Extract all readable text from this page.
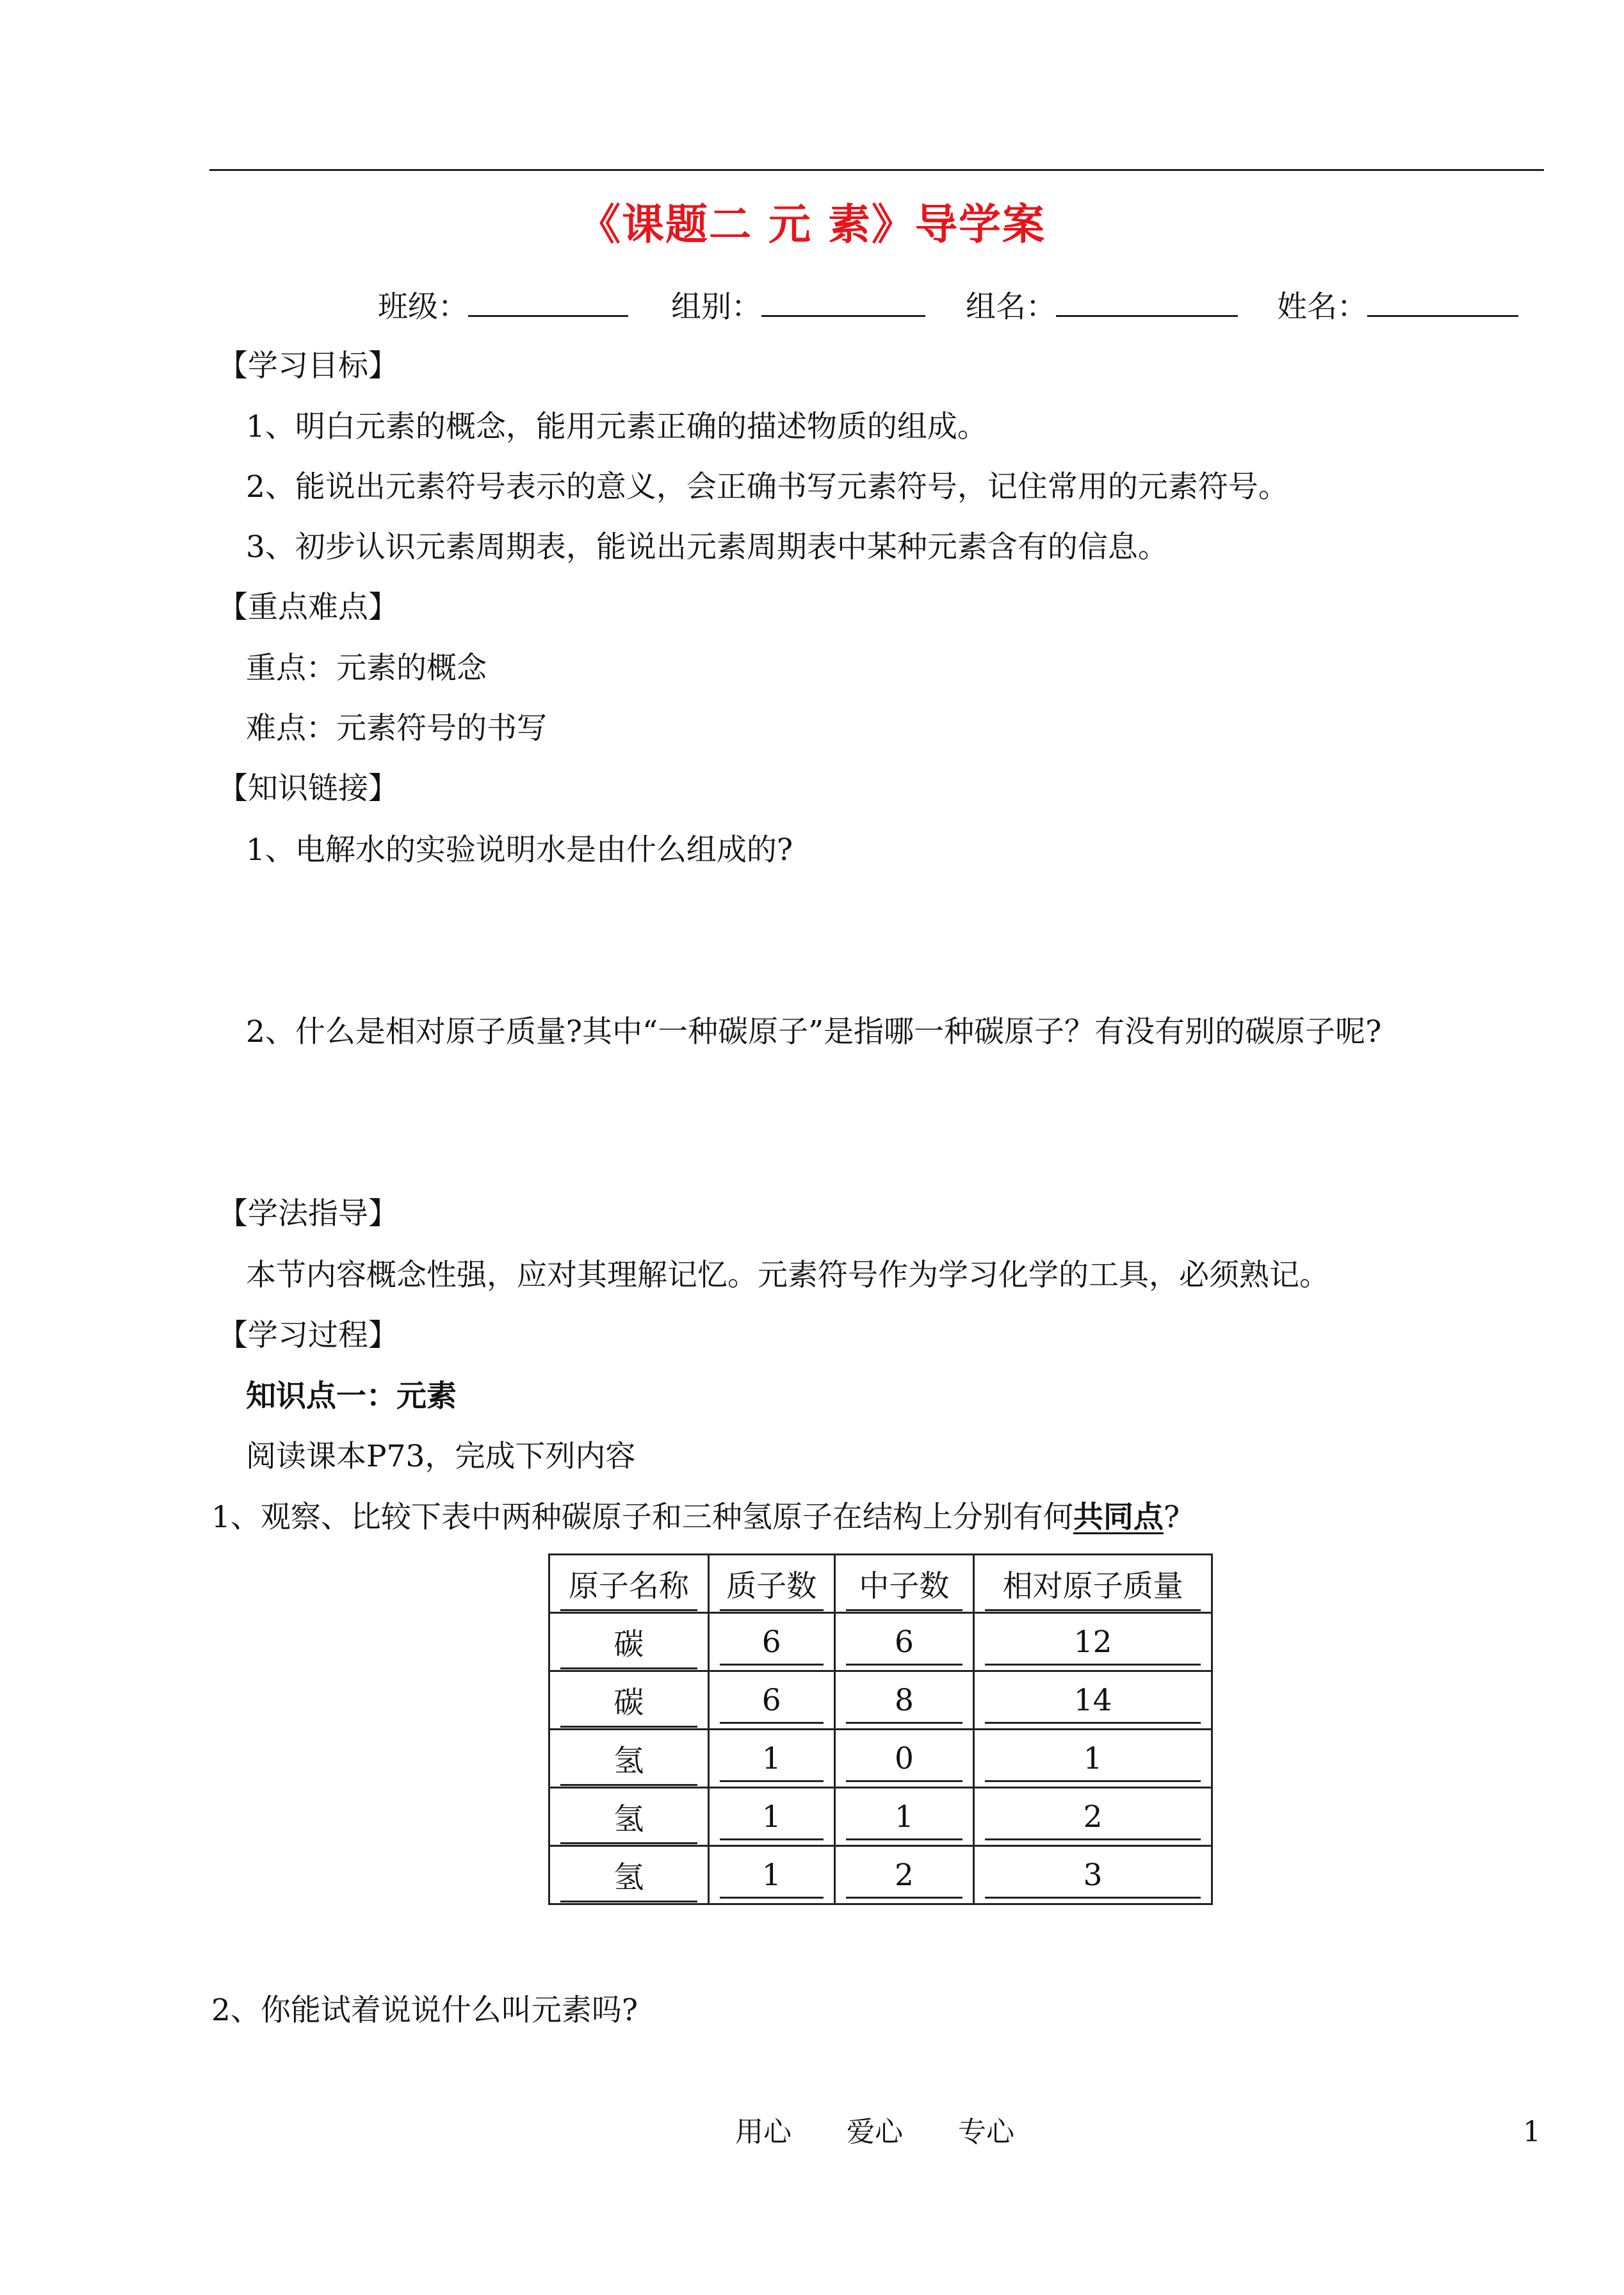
《课题二 元 素》导学案
班级：	组别：	组名：	姓名：
【学习目标】
1、明白元素的概念，能用元素正确的描述物质的组成。
2、能说出元素符号表示的意义，会正确书写元素符号，记住常用的元素符号。
3、初步认识元素周期表，能说出元素周期表中某种元素含有的信息。
【重点难点】
重点：元素的概念
难点：元素符号的书写
【知识链接】
1、电解水的实验说明水是由什么组成的?
2、什么是相对原子质量?其中“一种碳原子”是指哪一种碳原子？有没有别的碳原子呢?
【学法指导】
本节内容概念性强，应对其理解记忆。元素符号作为学习化学的工具，必须熟记。
【学习过程】
知识点一：元素
阅读课本P73，完成下列内容
1、观察、比较下表中两种碳原子和三种氢原子在结构上分别有何共同点?
原子名称	质子数	中子数	相对原子质量

碳	6	6	12

碳	6	8	14

氢	1	0	1

氢	1	1	2

氢	1	2	3
2、你能试着说说什么叫元素吗?
用心 爱心 专心	1
